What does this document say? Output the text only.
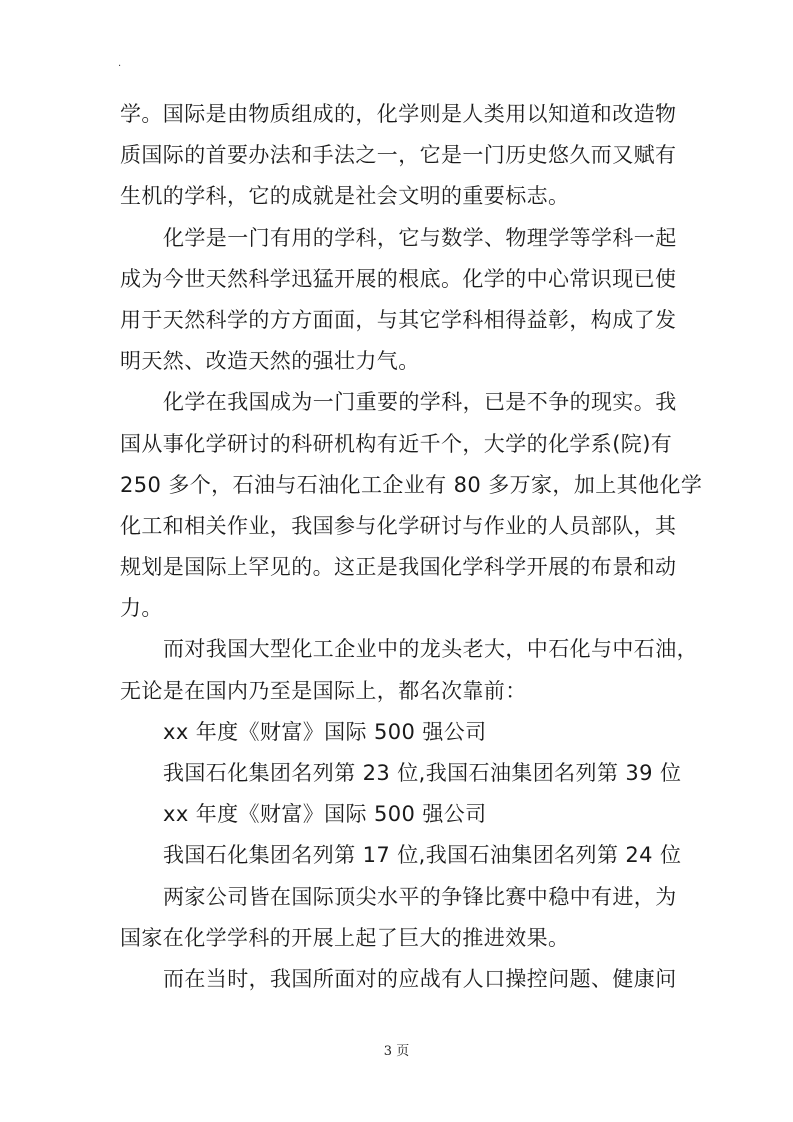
.
学。国际是由物质组成的，化学则是人类用以知道和改造物
质国际的首要办法和手法之一，它是一门历史悠久而又赋有
生机的学科，它的成就是社会文明的重要标志。
化学是一门有用的学科，它与数学、物理学等学科一起
成为今世天然科学迅猛开展的根底。化学的中心常识现已使
用于天然科学的方方面面，与其它学科相得益彰，构成了发
明天然、改造天然的强壮力气。
化学在我国成为一门重要的学科，已是不争的现实。我
国从事化学研讨的科研机构有近千个，大学的化学系(院)有
250 多个，石油与石油化工企业有 80 多万家，加上其他化学
化工和相关作业，我国参与化学研讨与作业的人员部队，其
规划是国际上罕见的。这正是我国化学科学开展的布景和动
力。
而对我国大型化工企业中的龙头老大，中石化与中石油，
无论是在国内乃至是国际上，都名次靠前：
xx 年度《财富》国际 500 强公司
我国石化集团名列第 23 位,我国石油集团名列第 39 位
xx 年度《财富》国际 500 强公司
我国石化集团名列第 17 位,我国石油集团名列第 24 位
两家公司皆在国际顶尖水平的争锋比赛中稳中有进，为
国家在化学学科的开展上起了巨大的推进效果。
而在当时，我国所面对的应战有人口操控问题、健康问
3 页
